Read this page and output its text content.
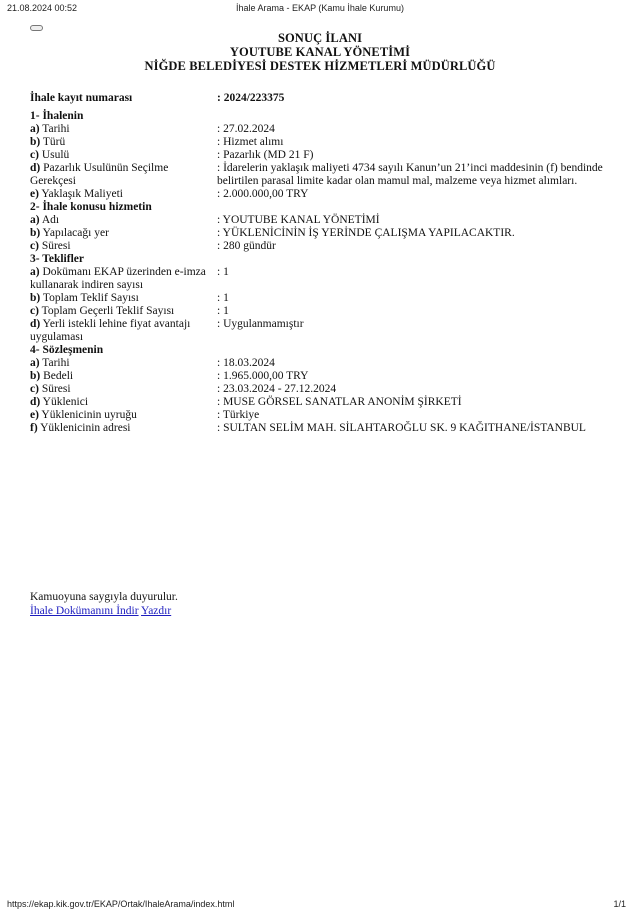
21.08.2024 00:52	İhale Arama - EKAP (Kamu İhale Kurumu)
SONUÇ İLANI
YOUTUBE KANAL YÖNETİMİ
NİĞDE BELEDİYESİ DESTEK HİZMETLERİ MÜDÜRLÜĞÜ
İhale kayıt numarası	: 2024/223375

1- İhalenin	
a) Tarihi	: 27.02.2024
b) Türü	: Hizmet alımı
c) Usulü	: Pazarlık (MD 21 F)
d) Pazarlık Usulünün Seçilme Gerekçesi	: İdarelerin yaklaşık maliyeti 4734 sayılı Kanun’un 21’inci maddesinin (f) bendinde belirtilen parasal limite kadar olan mamul mal, malzeme veya hizmet alımları.
e) Yaklaşık Maliyeti	: 2.000.000,00 TRY
2- İhale konusu hizmetin	
a) Adı	: YOUTUBE KANAL YÖNETİMİ
b) Yapılacağı yer	: YÜKLENİCİNİN İŞ YERİNDE ÇALIŞMA YAPILACAKTIR.
c) Süresi	: 280 gündür
3- Teklifler	
a) Dokümanı EKAP üzerinden e-imza kullanarak indiren sayısı	: 1
b) Toplam Teklif Sayısı	: 1
c) Toplam Geçerli Teklif Sayısı	: 1
d) Yerli istekli lehine fiyat avantajı uygulaması	: Uygulanmamıştır
4- Sözleşmenin	
a) Tarihi	: 18.03.2024
b) Bedeli	: 1.965.000,00 TRY
c) Süresi	: 23.03.2024 - 27.12.2024
d) Yüklenici	: MUSE GÖRSEL SANATLAR ANONİM ŞİRKETİ
e) Yüklenicinin uyruğu	: Türkiye
f) Yüklenicinin adresi	: SULTAN SELİM MAH. SİLAHTAROĞLU SK. 9 KAĞITHANE/İSTANBUL
Kamuoyuna saygıyla duyurulur.
İhale Dokümanını İndir Yazdır
https://ekap.kik.gov.tr/EKAP/Ortak/IhaleArama/index.html	1/1
